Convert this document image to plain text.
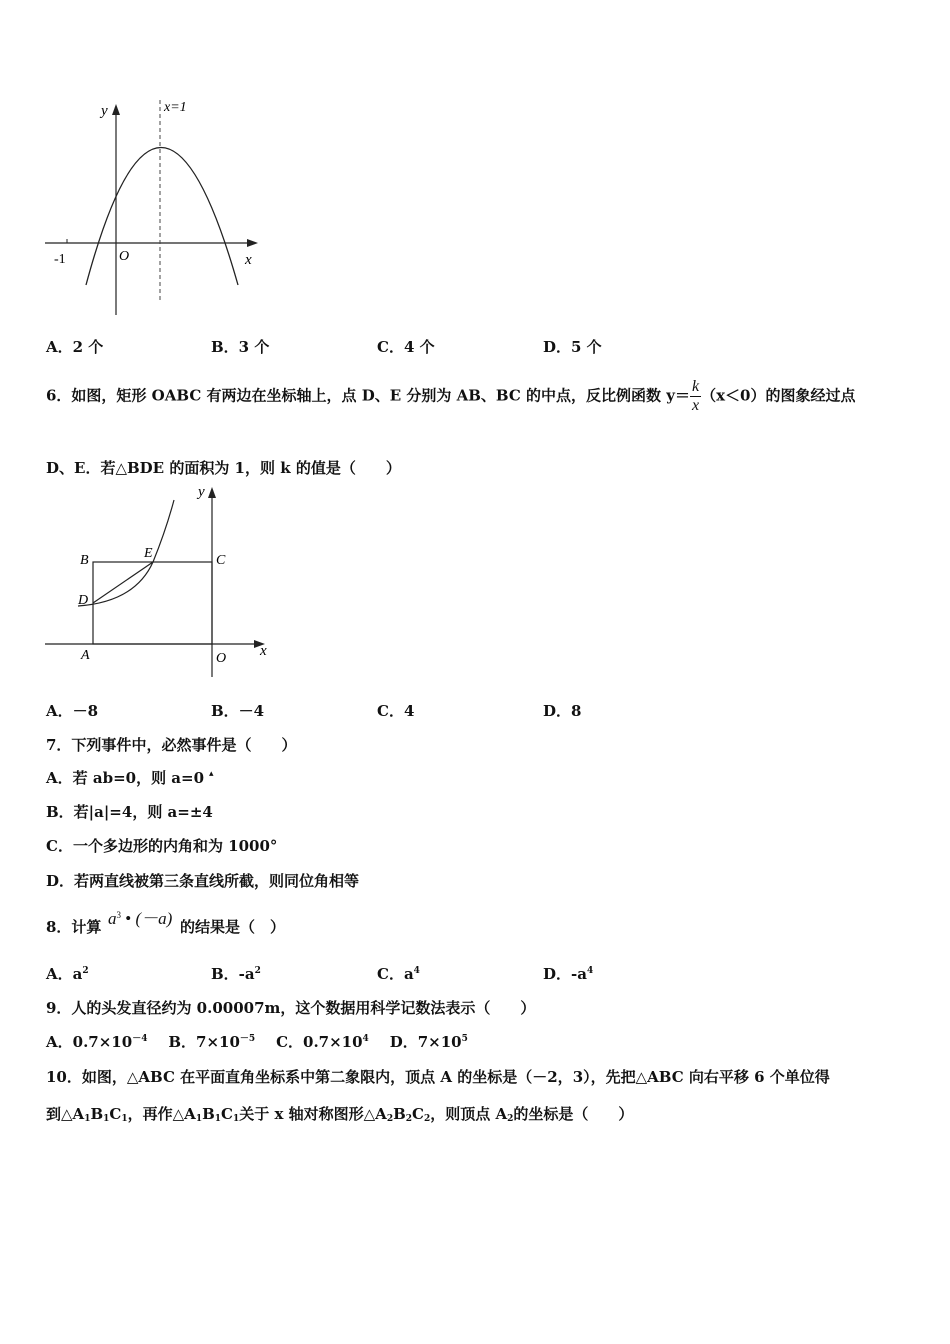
y
x
O
-1
x=1
A．2 个	B．3 个	C．4 个	D．5 个
6．如图，矩形 OABC 有两边在坐标轴上，点 D、E 分别为 AB、BC 的中点，反比例函数 $y= \frac{k}{x} (x<0)$的图象经过点
D、E．若△BDE 的面积为 1，则 k 的值是（　　）
B	E	C
D
A	O x
y
A．－8	B．－4	C．4	D．8
7．下列事件中，必然事件是（　　）
A．若 ab=0，则 a=0 ▴
B．若|a|=4，则 a=±4
C．一个多边形的内角和为 1000°
D．若两直线被第三条直线所截，则同位角相等
8．计算 $a^3$ • (－a) 的结果是（　）
A．$a^2$	B．$-a^2$	C．$a^4$	D．$-a^4$
9．人的头发直径约为 0.00007m，这个数据用科学记数法表示（　　）
A．$0.7\times 10^{-4}$ B．$7\times 10^{-5}$ C．$0.7\times 10^4$ D．$7\times 10^5$
10．如图，△ABC 在平面直角坐标系中第二象限内，顶点 A 的坐标是（－2，3），先把△ABC 向右平移 6 个单位得
到$\triangle A_1B_1C_1$，再作$\triangle A_1B_1C_1$关于 x 轴对称图形$\triangle A_2B_2C_2$，则顶点 $A_2$的坐标是（　　）
